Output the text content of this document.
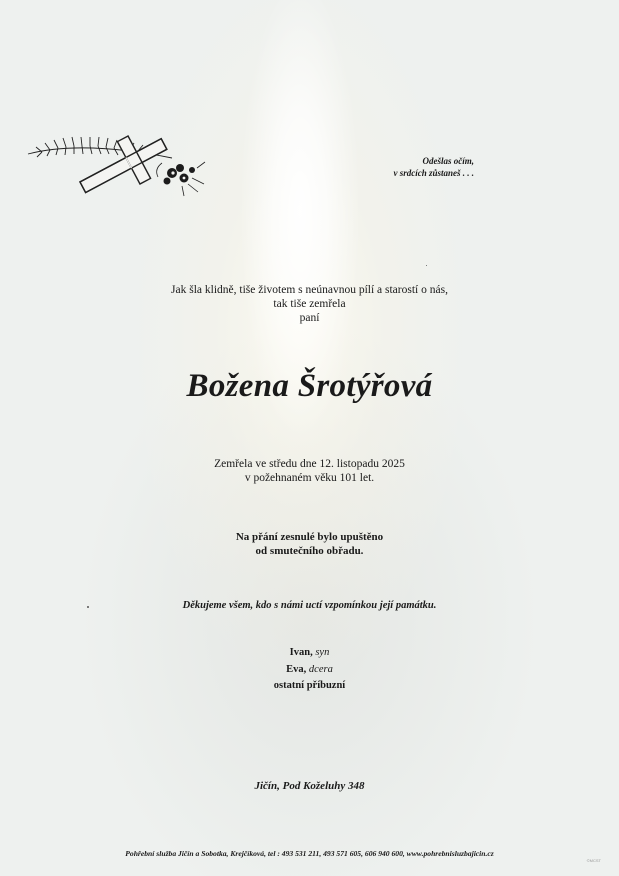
Odešlas očím,
v srdcích zůstaneš . . .
Jak šla klidně, tiše životem s neúnavnou pílí a starostí o nás,
tak tiše zemřela
paní
Božena Šrotýřová
Zemřela ve středu dne 12. listopadu 2025
v požehnaném věku 101 let.
Na přání zesnulé bylo upuštěno
od smutečního obřadu.
Děkujeme všem, kdo s námi uctí vzpomínkou její památku.
Ivan, syn
Eva, dcera
ostatní příbuzní
Jičín, Pod Koželuhy 348
Pohřební služba Jičín a Sobotka, Krejčíková, tel : 493 531 211, 493 571 605, 606 940 600, www.pohrebnisluzbajicin.cz
©MCST
